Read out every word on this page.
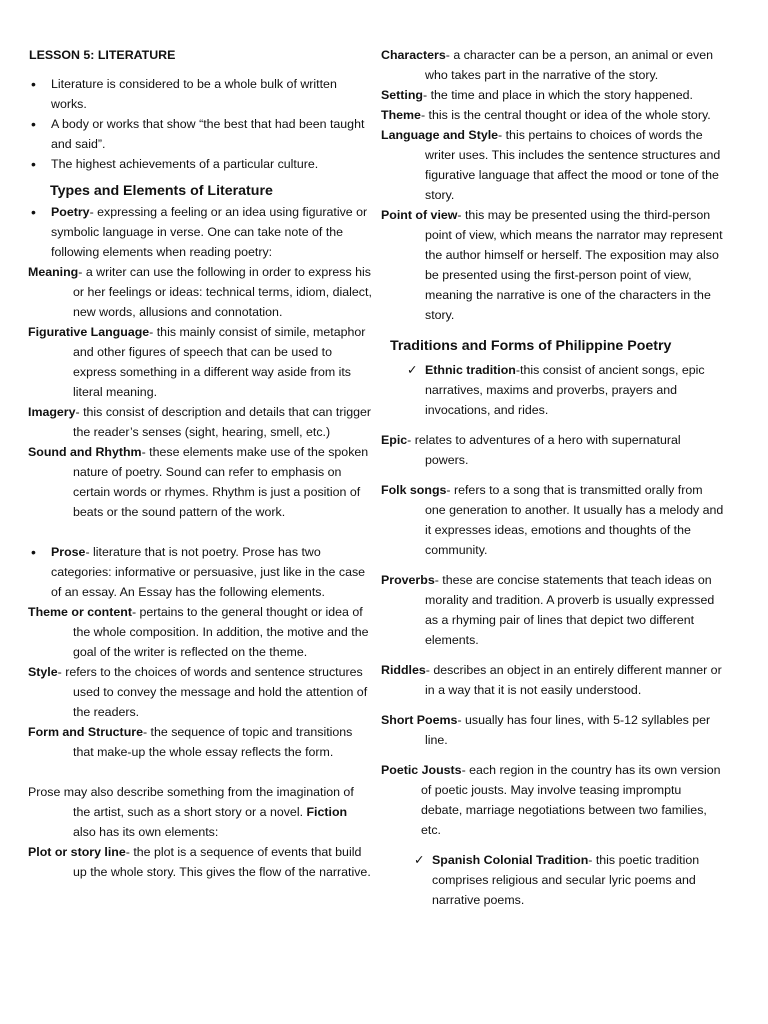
LESSON 5: LITERATURE

• Literature is considered to be a whole bulk of written works.
• A body or works that show “the best that had been taught and said”.
• The highest achievements of a particular culture.

Types and Elements of Literature

• Poetry- expressing a feeling or an idea using figurative or symbolic language in verse. One can take note of the following elements when reading poetry:

Meaning- a writer can use the following in order to express his or her feelings or ideas: technical terms, idiom, dialect, new words, allusions and connotation.

Figurative Language- this mainly consist of simile, metaphor and other figures of speech that can be used to express something in a different way aside from its literal meaning.

Imagery- this consist of description and details that can trigger the reader’s senses (sight, hearing, smell, etc.)

Sound and Rhythm- these elements make use of the spoken nature of poetry. Sound can refer to emphasis on certain words or rhymes. Rhythm is just a position of beats or the sound pattern of the work.

• Prose- literature that is not poetry. Prose has two categories: informative or persuasive, just like in the case of an essay. An Essay has the following elements.

Theme or content- pertains to the general thought or idea of the whole composition. In addition, the motive and the goal of the writer is reflected on the theme.

Style- refers to the choices of words and sentence structures used to convey the message and hold the attention of the readers.

Form and Structure- the sequence of topic and transitions that make-up the whole essay reflects the form.

Prose may also describe something from the imagination of the artist, such as a short story or a novel. Fiction also has its own elements:

Plot or story line- the plot is a sequence of events that build up the whole story. This gives the flow of the narrative.

Characters- a character can be a person, an animal or even who takes part in the narrative of the story.

Setting- the time and place in which the story happened.

Theme- this is the central thought or idea of the whole story.

Language and Style- this pertains to choices of words the writer uses. This includes the sentence structures and figurative language that affect the mood or tone of the story.

Point of view- this may be presented using the third-person point of view, which means the narrator may represent the author himself or herself. The exposition may also be presented using the first-person point of view, meaning the narrative is one of the characters in the story.

Traditions and Forms of Philippine Poetry

✓ Ethnic tradition-this consist of ancient songs, epic narratives, maxims and proverbs, prayers and invocations, and rides.

Epic- relates to adventures of a hero with supernatural powers.

Folk songs- refers to a song that is transmitted orally from one generation to another. It usually has a melody and it expresses ideas, emotions and thoughts of the community.

Proverbs- these are concise statements that teach ideas on morality and tradition. A proverb is usually expressed as a rhyming pair of lines that depict two different elements.

Riddles- describes an object in an entirely different manner or in a way that it is not easily understood.

Short Poems- usually has four lines, with 5-12 syllables per line.

Poetic Jousts- each region in the country has its own version of poetic jousts. May involve teasing impromptu debate, marriage negotiations between two families, etc.

✓ Spanish Colonial Tradition- this poetic tradition comprises religious and secular lyric poems and narrative poems.
